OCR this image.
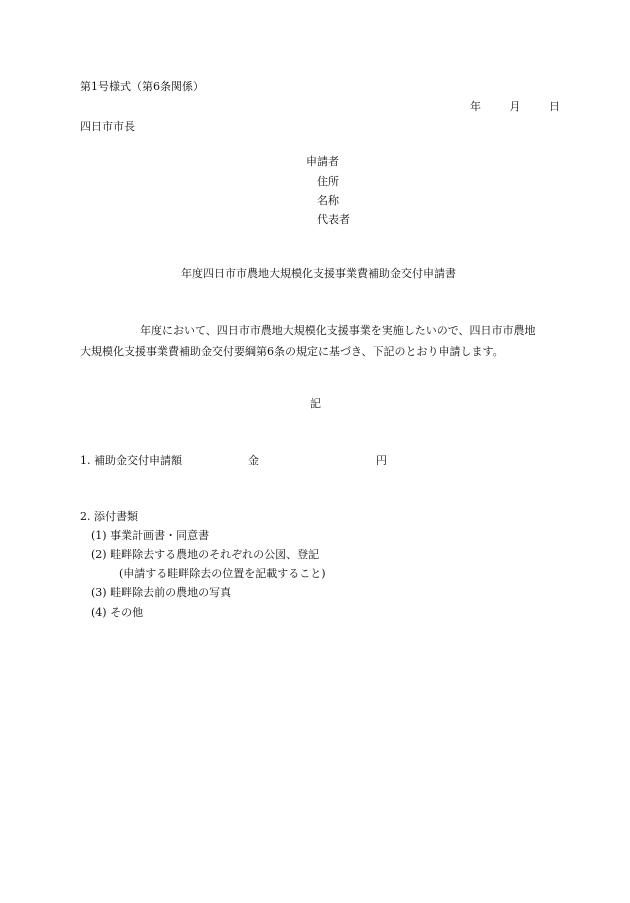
第1号様式（第6条関係）
年	月	日
四日市市長
申請者
住所
名称
代表者
年度四日市市農地大規模化支援事業費補助金交付申請書
年度において、四日市市農地大規模化支援事業を実施したいので、四日市市農地
大規模化支援事業費補助金交付要綱第6条の規定に基づき、下記のとおり申請します。
記
1. 補助金交付申請額	金	円
2. 添付書類
(1) 事業計画書・同意書
(2) 畦畔除去する農地のそれぞれの公図、登記
(申請する畦畔除去の位置を記載すること)
(3) 畦畔除去前の農地の写真
(4) その他
